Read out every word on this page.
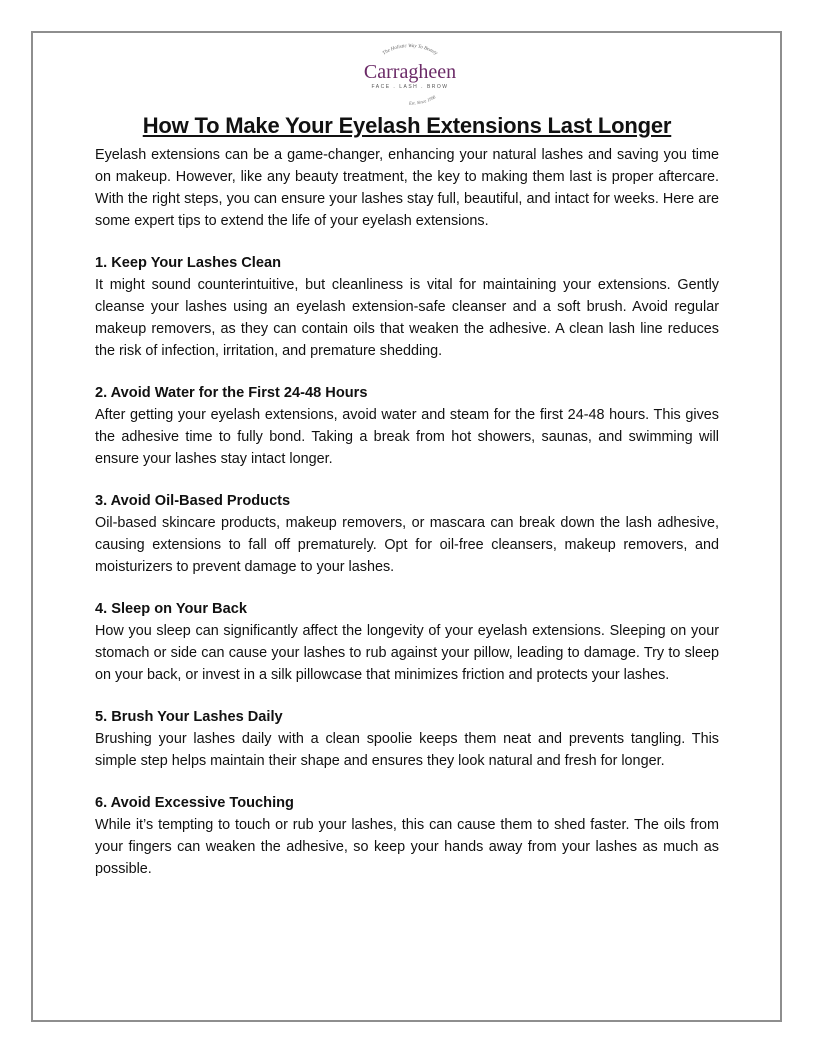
The Holistic Way To Beauty
Est. Since 1996
Carragheen
FACE . LASH . BROW
How To Make Your Eyelash Extensions Last Longer

Eyelash extensions can be a game-changer, enhancing your natural lashes and saving you time on makeup. However, like any beauty treatment, the key to making them last is proper aftercare. With the right steps, you can ensure your lashes stay full, beautiful, and intact for weeks. Here are some expert tips to extend the life of your eyelash extensions.

1. Keep Your Lashes Clean

It might sound counterintuitive, but cleanliness is vital for maintaining your extensions. Gently cleanse your lashes using an eyelash extension-safe cleanser and a soft brush. Avoid regular makeup removers, as they can contain oils that weaken the adhesive. A clean lash line reduces the risk of infection, irritation, and premature shedding.

2. Avoid Water for the First 24-48 Hours

After getting your eyelash extensions, avoid water and steam for the first 24-48 hours. This gives the adhesive time to fully bond. Taking a break from hot showers, saunas, and swimming will ensure your lashes stay intact longer.

3. Avoid Oil-Based Products

Oil-based skincare products, makeup removers, or mascara can break down the lash adhesive, causing extensions to fall off prematurely. Opt for oil-free cleansers, makeup removers, and moisturizers to prevent damage to your lashes.

4. Sleep on Your Back

How you sleep can significantly affect the longevity of your eyelash extensions. Sleeping on your stomach or side can cause your lashes to rub against your pillow, leading to damage. Try to sleep on your back, or invest in a silk pillowcase that minimizes friction and protects your lashes.

5. Brush Your Lashes Daily

Brushing your lashes daily with a clean spoolie keeps them neat and prevents tangling. This simple step helps maintain their shape and ensures they look natural and fresh for longer.

6. Avoid Excessive Touching

While it’s tempting to touch or rub your lashes, this can cause them to shed faster. The oils from your fingers can weaken the adhesive, so keep your hands away from your lashes as much as possible.
